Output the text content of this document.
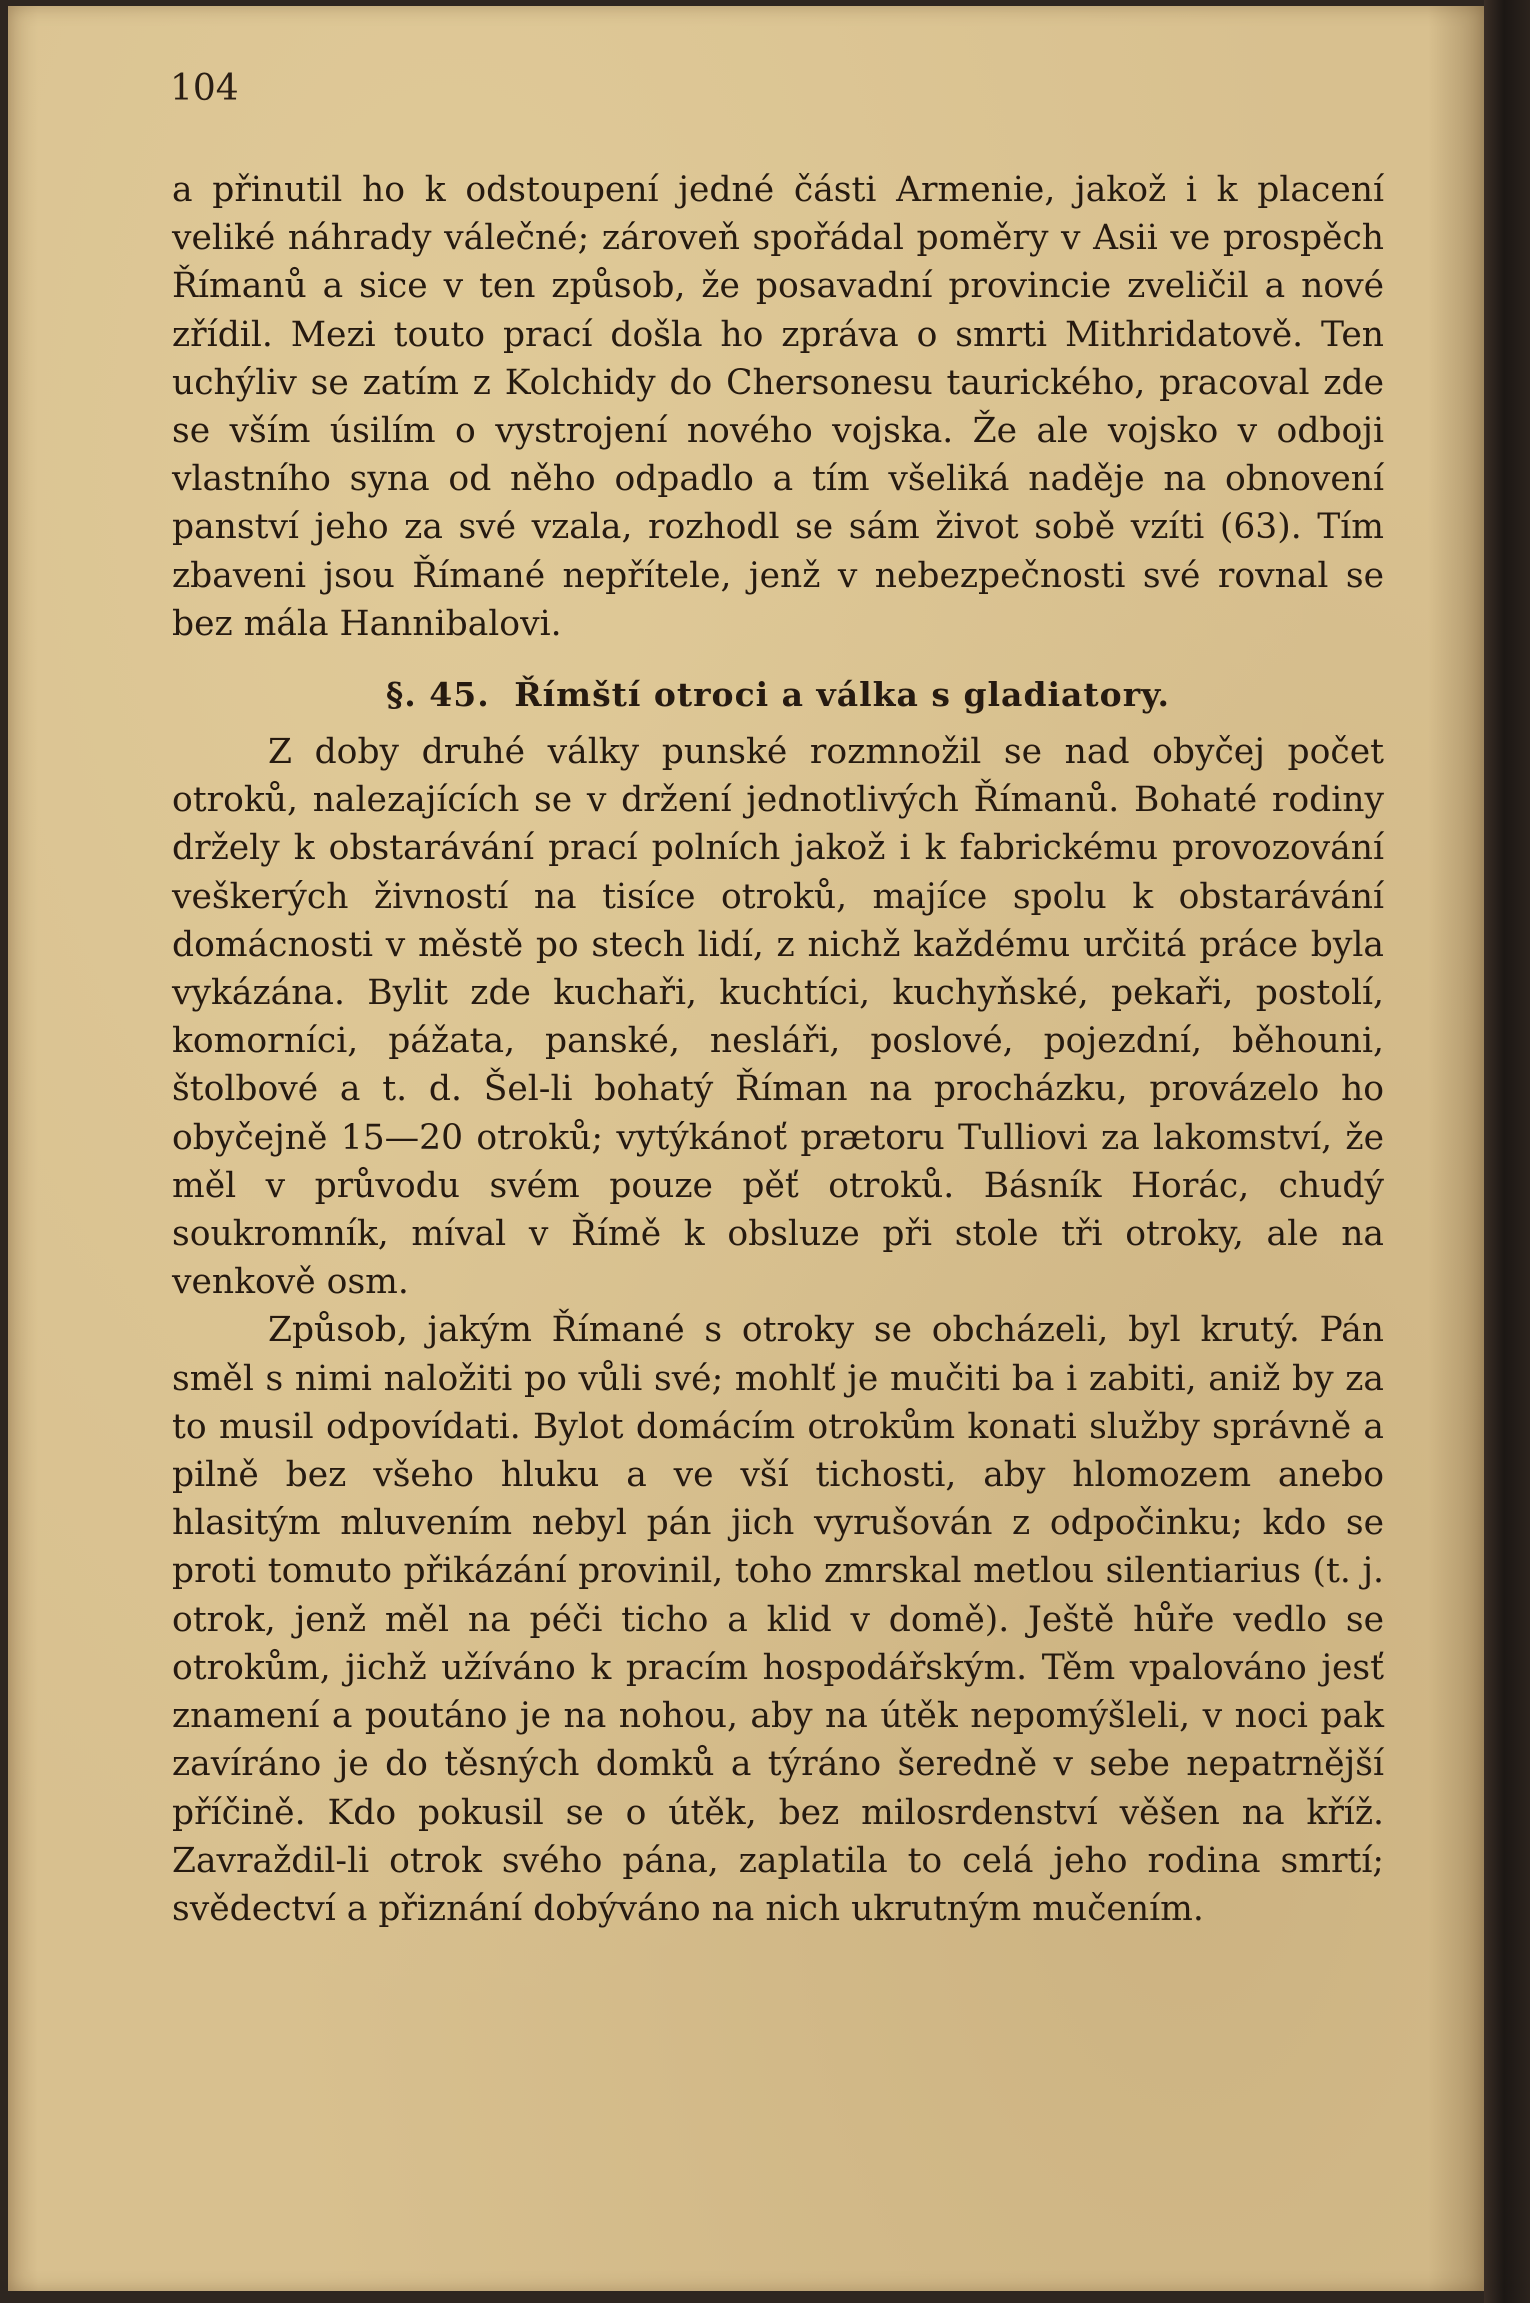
104

a přinutil ho k odstoupení jedné části Armenie, jakož i k placení veliké náhrady válečné; zároveň spořádal poměry v Asii ve prospěch Římanů a sice v ten způsob, že posavadní provincie zveličil a nové zřídil. Mezi touto prací došla ho zpráva o smrti Mithridatově. Ten uchýliv se zatím z Kolchidy do Chersonesu taurického, pracoval zde se vším úsilím o vystrojení nového vojska. Že ale vojsko v odboji vlastního syna od něho odpadlo a tím všeliká naděje na obnovení panství jeho za své vzala, rozhodl se sám život sobě vzíti (63). Tím zbaveni jsou Římané nepřítele, jenž v nebezpečnosti své rovnal se bez mála Hannibalovi.

§. 45. Římští otroci a válka s gladiatory.

Z doby druhé války punské rozmnožil se nad obyčej počet otroků, nalezajících se v držení jednotlivých Římanů. Bohaté rodiny držely k obstarávání prací polních jakož i k fabrickému provozování veškerých živností na tisíce otroků, majíce spolu k obstarávání domácnosti v městě po stech lidí, z nichž každému určitá práce byla vykázána. Bylit zde kuchaři, kuchtíci, kuchyňské, pekaři, postolí, komorníci, pážata, panské, nesláři, poslové, pojezdní, běhouni, štolbové a t. d. Šel-li bohatý Říman na procházku, provázelo ho obyčejně 15—20 otroků; vytýkánoť prætoru Tulliovi za lakomství, že měl v průvodu svém pouze pěť otroků. Básník Horác, chudý soukromník, míval v Římě k obsluze při stole tři otroky, ale na venkově osm.

Způsob, jakým Římané s otroky se obcházeli, byl krutý. Pán směl s nimi naložiti po vůli své; mohlť je mučiti ba i zabiti, aniž by za to musil odpovídati. Bylot domácím otrokům konati služby správně a pilně bez všeho hluku a ve vší tichosti, aby hlomozem anebo hlasitým mluvením nebyl pán jich vyrušován z odpočinku; kdo se proti tomuto přikázání provinil, toho zmrskal metlou silentiarius (t. j. otrok, jenž měl na péči ticho a klid v domě). Ještě hůře vedlo se otrokům, jichž užíváno k pracím hospodářským. Těm vpalováno jesť znamení a poutáno je na nohou, aby na útěk nepomýšleli, v noci pak zavíráno je do těsných domků a týráno šeredně v sebe nepatrnější příčině. Kdo pokusil se o útěk, bez milosrdenství věšen na kříž. Zavraždil-li otrok svého pána, zaplatila to celá jeho rodina smrtí; svědectví a přiznání dobýváno na nich ukrutným mučením.
